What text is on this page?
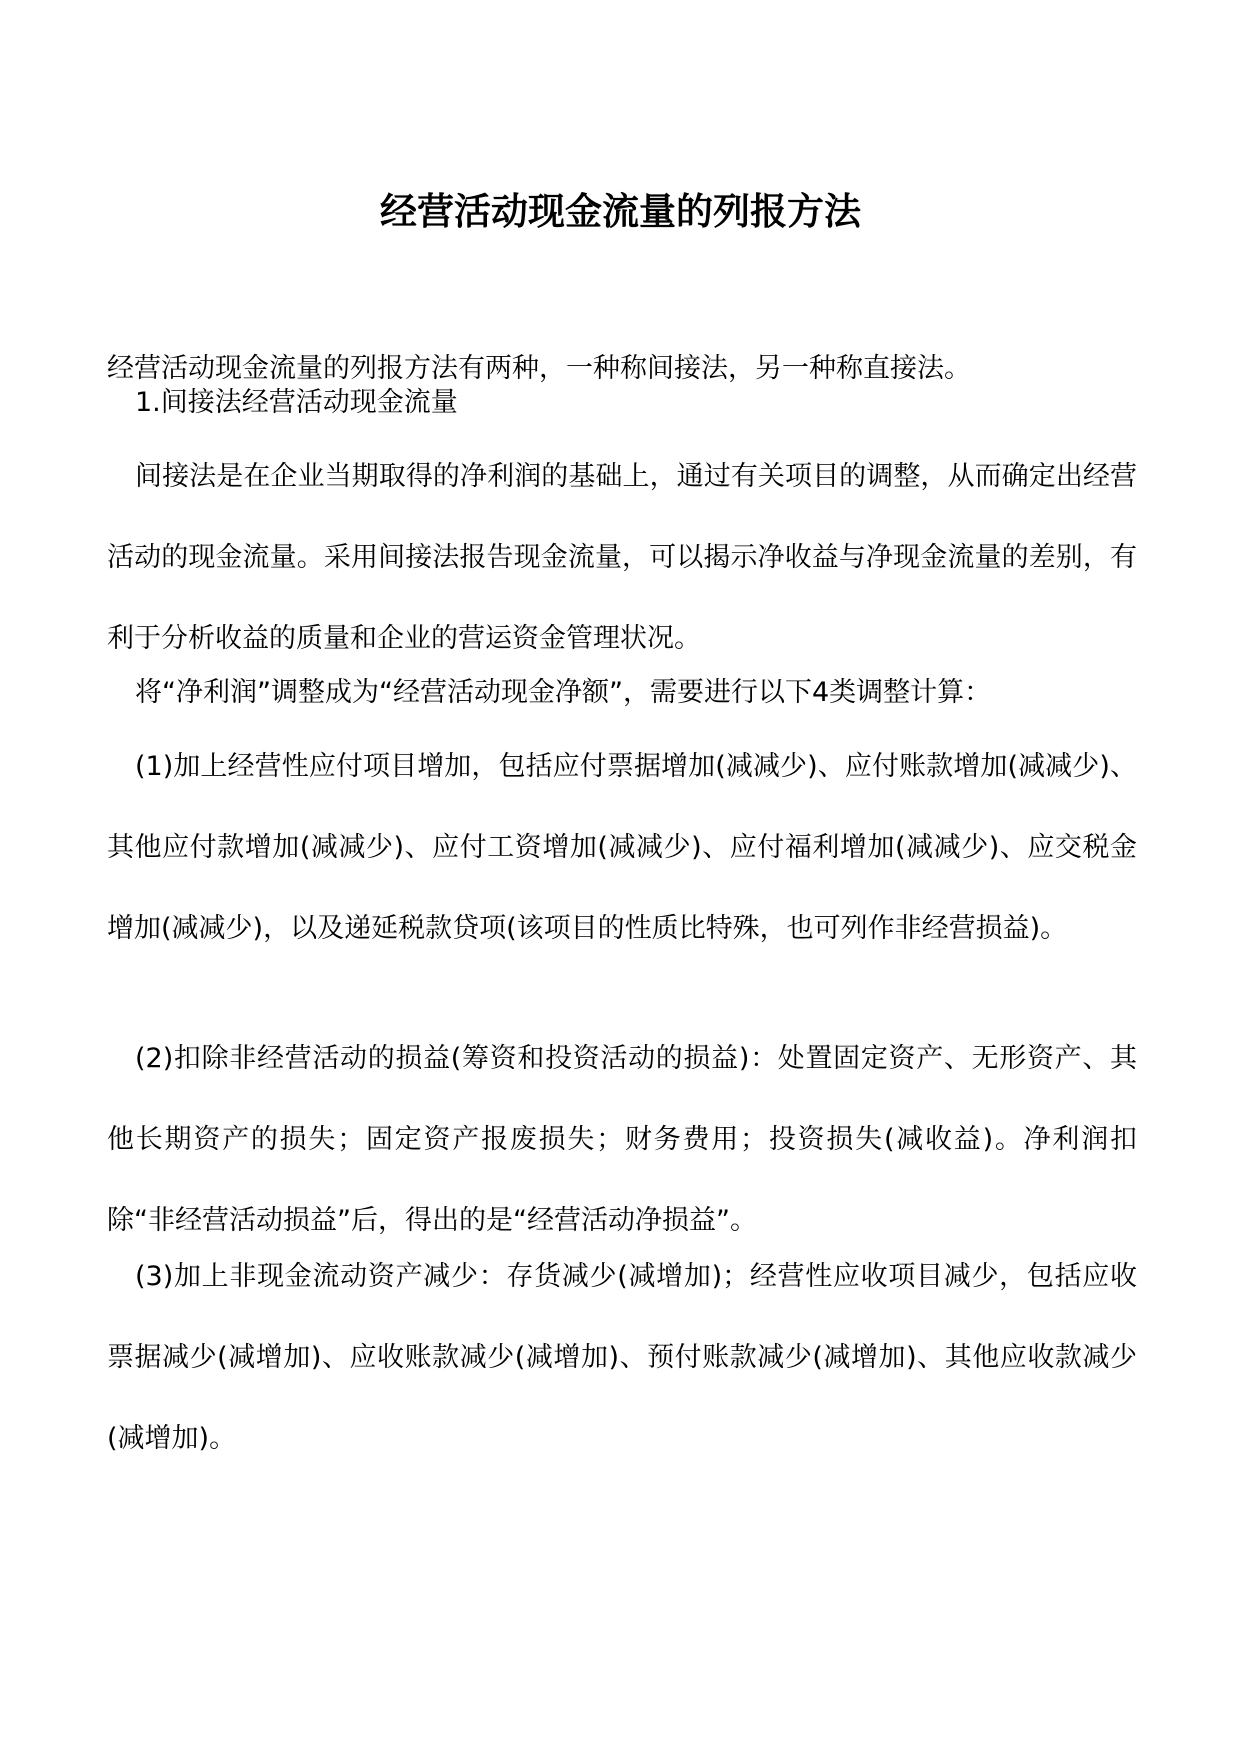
经营活动现金流量的列报方法

经营活动现金流量的列报方法有两种，一种称间接法，另一种称直接法。

1.间接法经营活动现金流量

间接法是在企业当期取得的净利润的基础上，通过有关项目的调整，从而确定出经营活动的现金流量。采用间接法报告现金流量，可以揭示净收益与净现金流量的差别，有利于分析收益的质量和企业的营运资金管理状况。

将“净利润”调整成为“经营活动现金净额”，需要进行以下4类调整计算：

(1)加上经营性应付项目增加，包括应付票据增加(减减少)、应付账款增加(减减少)、其他应付款增加(减减少)、应付工资增加(减减少)、应付福利增加(减减少)、应交税金增加(减减少)，以及递延税款贷项(该项目的性质比特殊，也可列作非经营损益)。

(2)扣除非经营活动的损益(筹资和投资活动的损益)：处置固定资产、无形资产、其他长期资产的损失；固定资产报废损失；财务费用；投资损失(减收益)。净利润扣除“非经营活动损益”后，得出的是“经营活动净损益”。

(3)加上非现金流动资产减少：存货减少(减增加)；经营性应收项目减少，包括应收票据减少(减增加)、应收账款减少(减增加)、预付账款减少(减增加)、其他应收款减少(减增加)。
